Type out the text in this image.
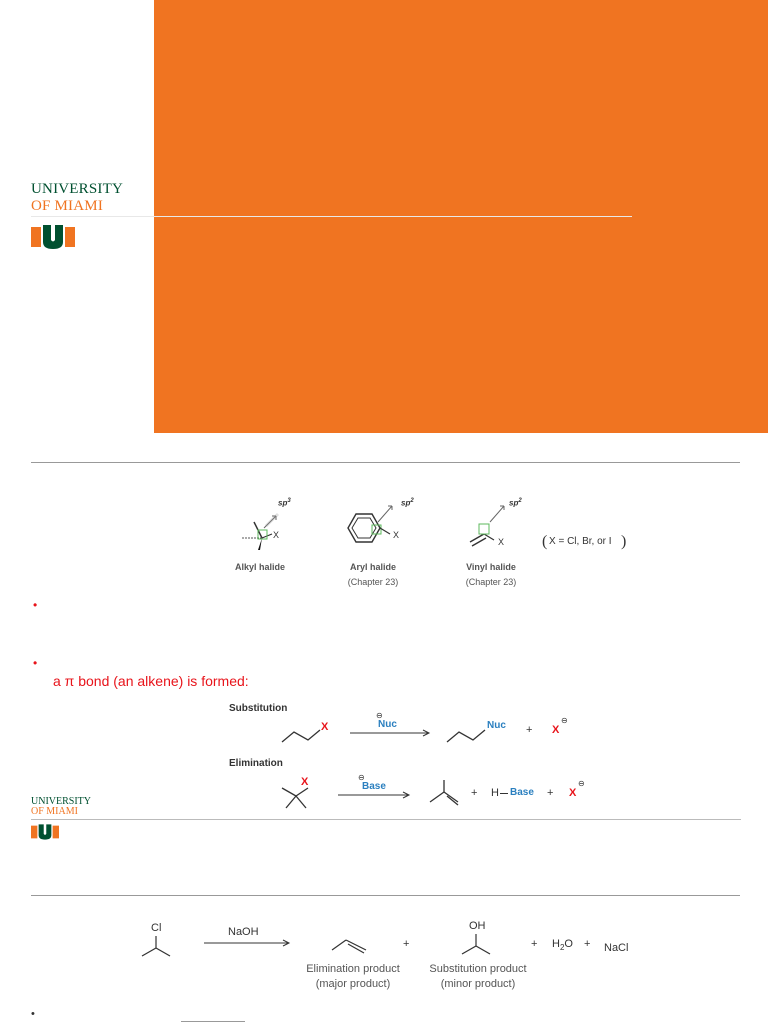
UNIVERSITY
OF MIAMI
$sp^3$
X
Alkyl halide
$sp^2$
X
Aryl halide
(Chapter 23)
$sp^2$
X
Vinyl halide
(Chapter 23)
( X = Cl, Br, or I )
•
•
a π bond (an alkene) is formed:
Substitution
X
⊖
Nuc	Nuc + X
⊖
Elimination
X	⊖
Base
+ H Base + X
⊖
UNIVERSITY
OF MIAMI
Cl	NaOH
+
OH
+ $H_2O$ + NaCl
Elimination product
(major product)
Substitution product
(minor product)
•
